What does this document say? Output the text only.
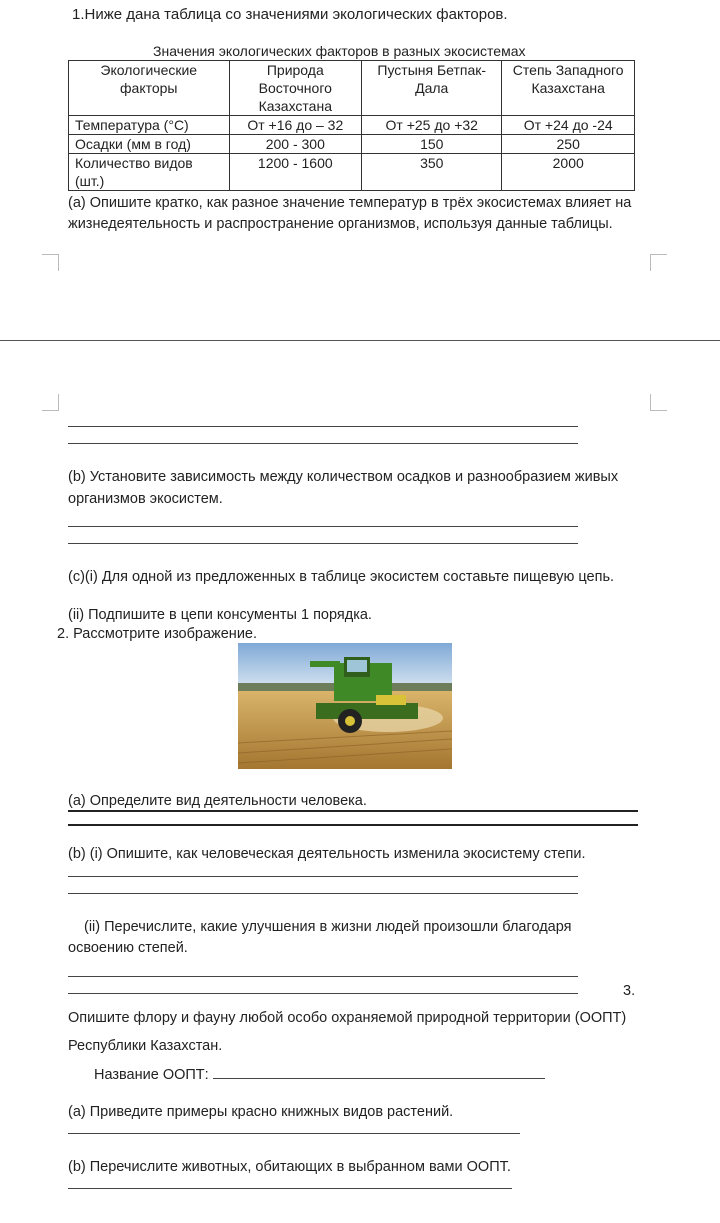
1.Ниже дана таблица со значениями экологических факторов.
Значения экологических факторов в разных экосистемах
Экологические факторы	Природа Восточного Казахстана	Пустыня Бетпак-Дала	Степь Западного Казахстана
Температура (°C)	От +16 до – 32	От +25 до +32	От +24 до -24
Осадки (мм в год)	200 - 300	150	250
Количество видов (шт.)	1200 - 1600	350	2000
(a) Опишите кратко, как разное значение температур в трёх экосистемах влияет на
жизнедеятельность и распространение организмов, используя данные таблицы.
(b) Установите зависимость между количеством осадков и разнообразием живых
организмов экосистем.
(c)(i) Для одной из предложенных в таблице экосистем составьте пищевую цепь.
(ii) Подпишите в цепи консументы 1 порядка.
2. Рассмотрите изображение.
(a) Определите вид деятельности человека.
(b) (i) Опишите, как человеческая деятельность изменила экосистему степи.
(ii) Перечислите, какие улучшения в жизни людей произошли благодаря
освоению степей.
3.
Опишите флору и фауну любой особо охраняемой природной территории (ООПТ)
Республики Казахстан.
Название ООПТ:
(a) Приведите примеры красно книжных видов растений.
(b) Перечислите животных, обитающих в выбранном вами ООПТ.
